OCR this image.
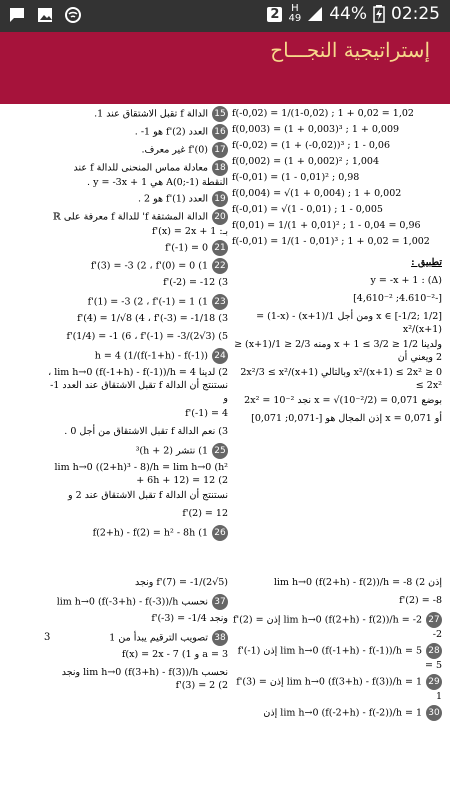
2	H
49 44% 02:25
إستراتيجية النجـــاح
f(-0,02) = 1/(1-0,02) ; 1 + 0,02 = 1,02
f(0,003) = (1 + 0,003)³ ; 1 + 0,009
f(-0,02) = (1 + (-0,02))³ ; 1 - 0,06
f(0,002) = (1 + 0,002)² ; 1,004
f(-0,01) = (1 - 0,01)² ; 0,98
f(0,004) = √(1 + 0,004) ; 1 + 0,002
f(-0,01) = √(1 - 0,01) ; 1 - 0,005
f(0,01) = 1/(1 + 0,01)² ; 1 - 0,04 = 0,96
f(-0,01) = 1/(1 - 0,01)³ ; 1 + 0,02 = 1,002
تطبيق :
y = -x + 1 : (Δ)
[-4.610⁻²; 4,610⁻²]
x ∈ [-1/2; 1/2] ومن أجل 1/(x+1) - (1-x) = x²/(x+1)
ولدينا 1/2 ≤ x + 1 ≤ 3/2 ومنه 2/3 ≤ 1/(x+1) ≤ 2 ويعني أن
0 ≤ x²/(x+1) ≤ 2x² وبالتالي 2x²/3 ≤ x²/(x+1) ≤ 2x²
بوضع x = √(10⁻²/2) = 0,071 نجد 2x² = 10⁻²
أو x = 0,071 إذن المجال هو [-0,071; 0,071]
15الدالة f تقبل الاشتقاق عند 1.
16العدد f'(2) هو 1- .
17f'(0) غير معرف.
18معادلة مماس المنحنى للدالة f عند النقطة A(0;-1) هي y = -3x + 1 .
19العدد f'(1) هو 2 .
20الدالة المشتقة f' للدالة f معرفة على ℝ بـ: f'(x) = 2x + 1
21f'(-1) = 0
22f'(3) = -3 (2 ، f'(0) = 0 (1
f'(-2) = -12 (3
23f'(1) = -3 (2 ، f'(-1) = 1 (1
f'(4) = 1/√8 (4 ، f'(-3) = -1/18 (3
f'(1/4) = -1 (6 ، f'(-1) = -3/(2√3) (5
24(f(-1+h) - f(-1))/h = 4 (1
2) لدينا lim h→0 (f(-1+h) - f(-1))/h = 4 ، نستنتج أن الدالة f تقبل الاشتقاق عند العدد 1- و
f'(-1) = 4
3) نعم الدالة f تقبل الاشتقاق من أجل 0 .
251) نتشر (2 + h)³
lim h→0 ((2+h)³ - 8)/h = lim h→0 (h² + 6h + 12) = 12 (2
نستنتج أن الدالة f تقبل الاشتقاق عند 2 و
f'(2) = 12
26f(2+h) - f(2) = h² - 8h (1
3
f'(7) = -1/(2√5) ونجد
37نحسب lim h→0 (f(-3+h) - f(-3))/h
ونجد f'(-3) = -1/4
38تصويب الترقيم يبدأ من 1
a = 3 و f(x) = 2x - 7 (1
نحسب lim h→0 (f(3+h) - f(3))/h ونجد f'(3) = 2 (2
إذن lim h→0 (f(2+h) - f(2))/h = -8 (2
f'(2) = -8
27lim h→0 (f(2+h) - f(2))/h = -2 إذن f'(2) = -2
28lim h→0 (f(-1+h) - f(-1))/h = 5 إذن f'(-1) = 5
29lim h→0 (f(3+h) - f(3))/h = 1 إذن f'(3) = 1
30lim h→0 (f(-2+h) - f(-2))/h = 1 إذن
